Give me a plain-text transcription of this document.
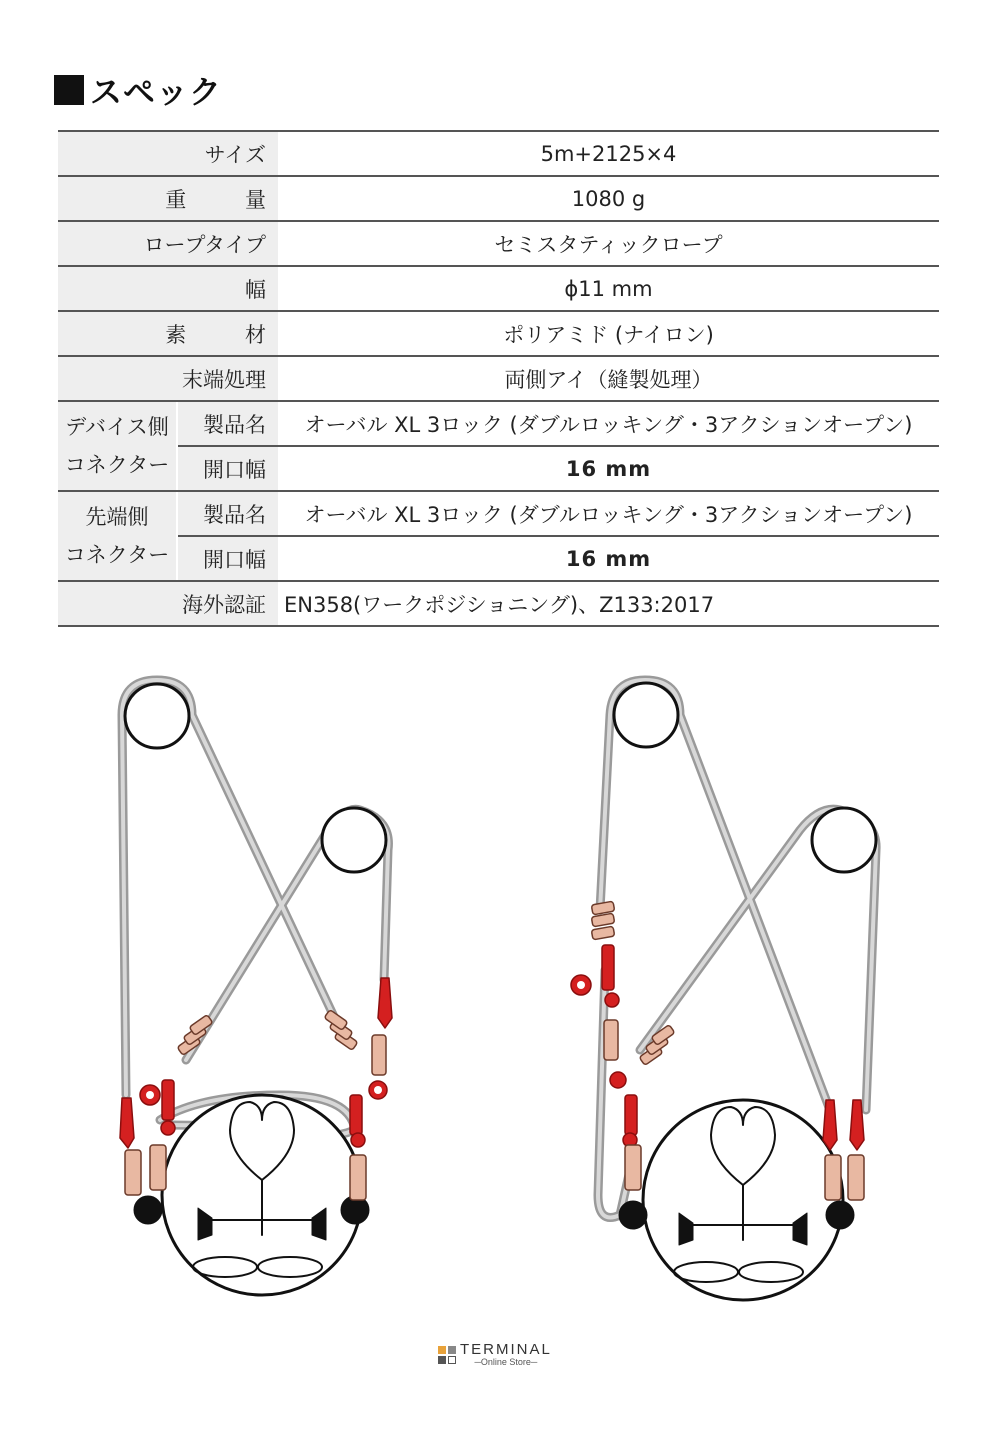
スペック
サイズ	5m+2125×4
重　量	1080 g
ロープタイプ	セミスタティックロープ
幅	ϕ11 mm
素　材	ポリアミド (ナイロン)
末端処理	両側アイ（縫製処理）
デバイス側
コネクター
製品名	オーバル XL 3ロック (ダブルロッキング・3アクションオープン)
開口幅	16 mm
先端側
コネクター
製品名	オーバル XL 3ロック (ダブルロッキング・3アクションオープン)
開口幅	16 mm
海外認証 EN358(ワークポジショニング)、Z133:2017
TERMINAL
─Online Store─
